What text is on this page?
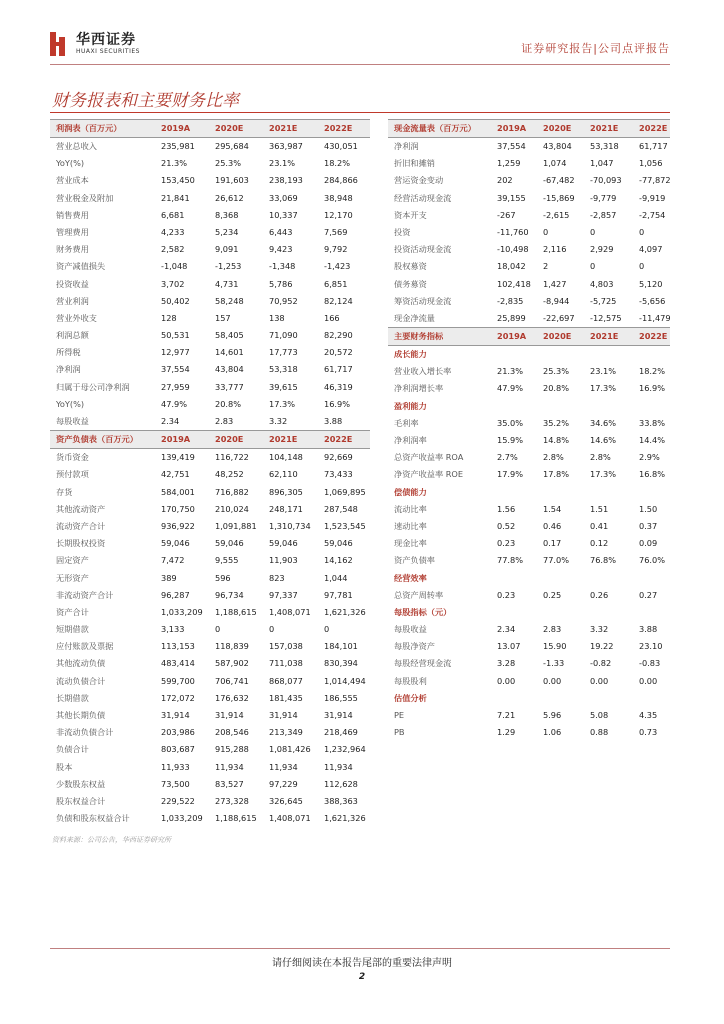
华西证券
HUAXI SECURITIES	证券研究报告|公司点评报告
财务报表和主要财务比率
利润表（百万元）	2019A	2020E	2021E	2022E
营业总收入	235,981 295,684 363,987	430,051
YoY(%)	21.3%	25.3%	23.1%	18.2%
营业成本	153,450 191,603 238,193	284,866
营业税金及附加	21,841	26,612	33,069	38,948
销售费用	6,681	8,368	10,337	12,170
管理费用	4,233	5,234	6,443	7,569
财务费用	2,582	9,091	9,423	9,792
资产减值损失	-1,048	-1,253	-1,348	-1,423
投资收益	3,702	4,731	5,786	6,851
营业利润	50,402	58,248	70,952	82,124
营业外收支	128	157	138	166
利润总额	50,531	58,405	71,090	82,290
所得税	12,977	14,601	17,773	20,572
净利润	37,554	43,804	53,318	61,717
归属于母公司净利润	27,959	33,777	39,615	46,319
YoY(%)	47.9%	20.8%	17.3%	16.9%
每股收益	2.34	2.83	3.32	3.88
资产负债表（百万元）	2019A	2020E	2021E	2022E
货币资金	139,419 116,722 104,148	92,669
预付款项	42,751	48,252	62,110	73,433
存货	584,001 716,882 896,305	1,069,895
其他流动资产	170,750 210,024 248,171	287,548
流动资产合计	936,922 1,091,881 1,310,734 1,523,545
长期股权投资	59,046	59,046	59,046	59,046
固定资产	7,472	9,555	11,903	14,162
无形资产	389	596	823	1,044
非流动资产合计	96,287	96,734	97,337	97,781
资产合计	1,033,209 1,188,615 1,408,071 1,621,326
短期借款	3,133	0	0	0
应付账款及票据	113,153 118,839 157,038	184,101
其他流动负债	483,414 587,902 711,038	830,394
流动负债合计	599,700 706,741 868,077	1,014,494
长期借款	172,072 176,632 181,435	186,555
其他长期负债	31,914	31,914	31,914	31,914
非流动负债合计	203,986 208,546 213,349	218,469
负债合计	803,687 915,288 1,081,426 1,232,964
股本	11,933	11,934	11,934	11,934
少数股东权益	73,500	83,527	97,229	112,628
股东权益合计	229,522 273,328 326,645	388,363
负债和股东权益合计	1,033,209 1,188,615 1,408,071 1,621,326
现金流量表（百万元）	2019A 2020E 2021E	2022E
净利润	37,554 43,804 53,318 61,717
折旧和摊销	1,259	1,074	1,047	1,056
营运资金变动	202	-67,482 -70,093 -77,872
经营活动现金流	39,155 -15,869 -9,779	-9,919
资本开支	-267	-2,615	-2,857	-2,754
投资	-11,760 0	0	0
投资活动现金流	-10,498 2,116	2,929	4,097
股权募资	18,042 2	0	0
债务募资	102,418 1,427	4,803	5,120
筹资活动现金流	-2,835 -8,944	-5,725	-5,656
现金净流量	25,899 -22,697 -12,575 -11,479
主要财务指标	2019A 2020E 2021E	2022E
成长能力
营业收入增长率	21.3% 25.3%	23.1%	18.2%
净利润增长率	47.9% 20.8%	17.3%	16.9%
盈利能力
毛利率	35.0% 35.2%	34.6%	33.8%
净利润率	15.9% 14.8%	14.6%	14.4%
总资产收益率 ROA	2.7%	2.8%	2.8%	2.9%
净资产收益率 ROE	17.9% 17.8%	17.3%	16.8%
偿债能力
流动比率	1.56	1.54	1.51	1.50
速动比率	0.52	0.46	0.41	0.37
现金比率	0.23	0.17	0.12	0.09
资产负债率	77.8% 77.0%	76.8%	76.0%
经营效率
总资产周转率	0.23	0.25	0.26	0.27
每股指标（元）
每股收益	2.34	2.83	3.32	3.88
每股净资产	13.07	15.90	19.22	23.10
每股经营现金流	3.28	-1.33	-0.82	-0.83
每股股利	0.00	0.00	0.00	0.00
估值分析
PE	7.21	5.96	5.08	4.35
PB	1.29	1.06	0.88	0.73
资料来源：公司公告，华西证券研究所
请仔细阅读在本报告尾部的重要法律声明
2
